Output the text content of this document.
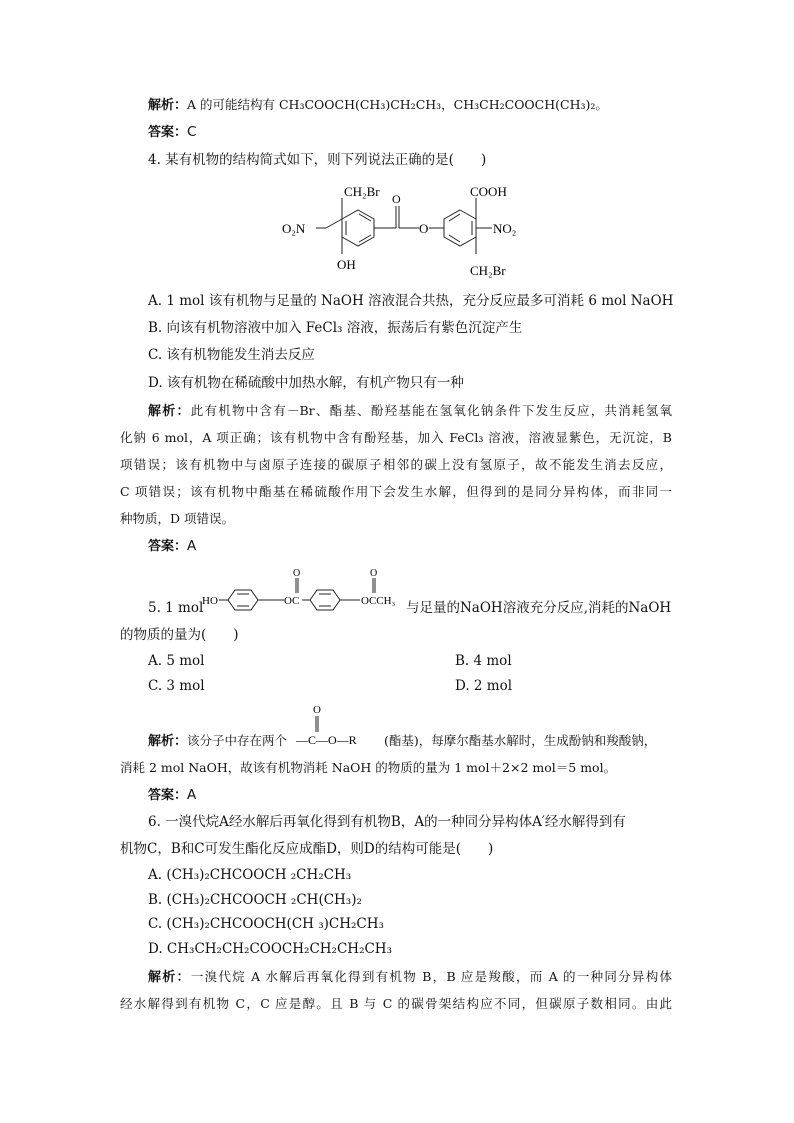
解析：A 的可能结构有 CH₃COOCH(CH₃)CH₂CH₃，CH₃CH₂COOCH(CH₃)₂。
答案：C
4. 某有机物的结构简式如下，则下列说法正确的是(　　)
CH₂Br	COOH
O
O
O₂N	NO₂
OH	CH₂Br
A. 1 mol 该有机物与足量的 NaOH 溶液混合共热，充分反应最多可消耗 6 mol NaOH
B. 向该有机物溶液中加入 FeCl₃ 溶液，振荡后有紫色沉淀产生
C. 该有机物能发生消去反应
D. 该有机物在稀硫酸中加热水解，有机产物只有一种
解析：此有机物中含有－Br、酯基、酚羟基能在氢氧化钠条件下发生反应，共消耗氢氧
化钠 6 mol，A 项正确；该有机物中含有酚羟基，加入 FeCl₃ 溶液，溶液显紫色，无沉淀，B
项错误；该有机物中与卤原子连接的碳原子相邻的碳上没有氢原子，故不能发生消去反应，
C 项错误；该有机物中酯基在稀硫酸作用下会发生水解，但得到的是同分异构体，而非同一
种物质，D 项错误。
答案：A
5. 1 mol
HO	OC
O
OCCH₃
O
与足量的NaOH溶液充分反应,消耗的NaOH
的物质的量为(　　)
A. 5 mol	B. 4 mol
C. 3 mol	D. 2 mol
解析：该分子中存在两个
O
—C—O—R (酯基)，每摩尔酯基水解时，生成酚钠和羧酸钠，
消耗 2 mol NaOH，故该有机物消耗 NaOH 的物质的量为 1 mol＋2×2 mol＝5 mol。
答案：A
6. 一溴代烷A经水解后再氧化得到有机物B，A的一种同分异构体A′经水解得到有
机物C，B和C可发生酯化反应成酯D，则D的结构可能是(　　)
A. (CH₃)₂CHCOOCH ₂CH₂CH₃
B. (CH₃)₂CHCOOCH ₂CH(CH₃)₂
C. (CH₃)₂CHCOOCH(CH ₃)CH₂CH₃
D. CH₃CH₂CH₂COOCH₂CH₂CH₂CH₃
解析：一溴代烷 A 水解后再氧化得到有机物 B，B 应是羧酸，而 A 的一种同分异构体
经水解得到有机物 C，C 应是醇。且 B 与 C 的碳骨架结构应不同，但碳原子数相同。由此
